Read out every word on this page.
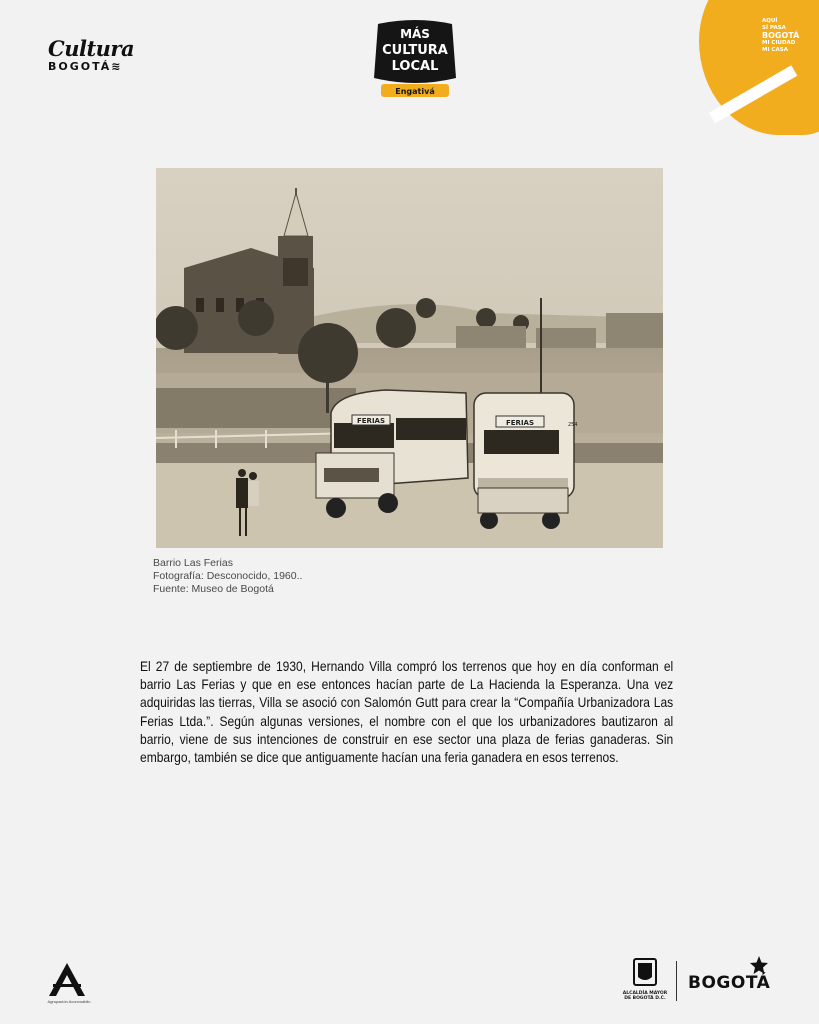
Cultura
BOGOTÁ≋
MÁS
CULTURA
LOCAL
Engativá
AQUÍ
SÍ PASA
BOGOTÁ
MI CIUDAD
MI CASA
FERIAS	FERIAS	254
Barrio Las Ferias
Fotografía: Desconocido, 1960..
Fuente: Museo de Bogotá

El 27 de septiembre de 1930, Hernando Villa compró los terrenos que hoy en día conforman el barrio Las Ferias y que en ese entonces hacían parte de La Hacienda la Esperanza. Una vez adquiridas las tierras, Villa se asoció con Salomón Gutt para crear la “Compañía Urbanizadora Las Ferias Ltda.”. Según algunas versiones, el nombre con el que los urbanizadores bautizaron al barrio, viene de sus intenciones de construir en ese sector una plaza de ferias ganaderas. Sin embargo, también se dice que antiguamente hacían una feria ganadera en esos terrenos.

Agrupación Aconvoablin
ALCALDÍA MAYOR DE BOGOTÁ D.C.
BOGOTÁ
